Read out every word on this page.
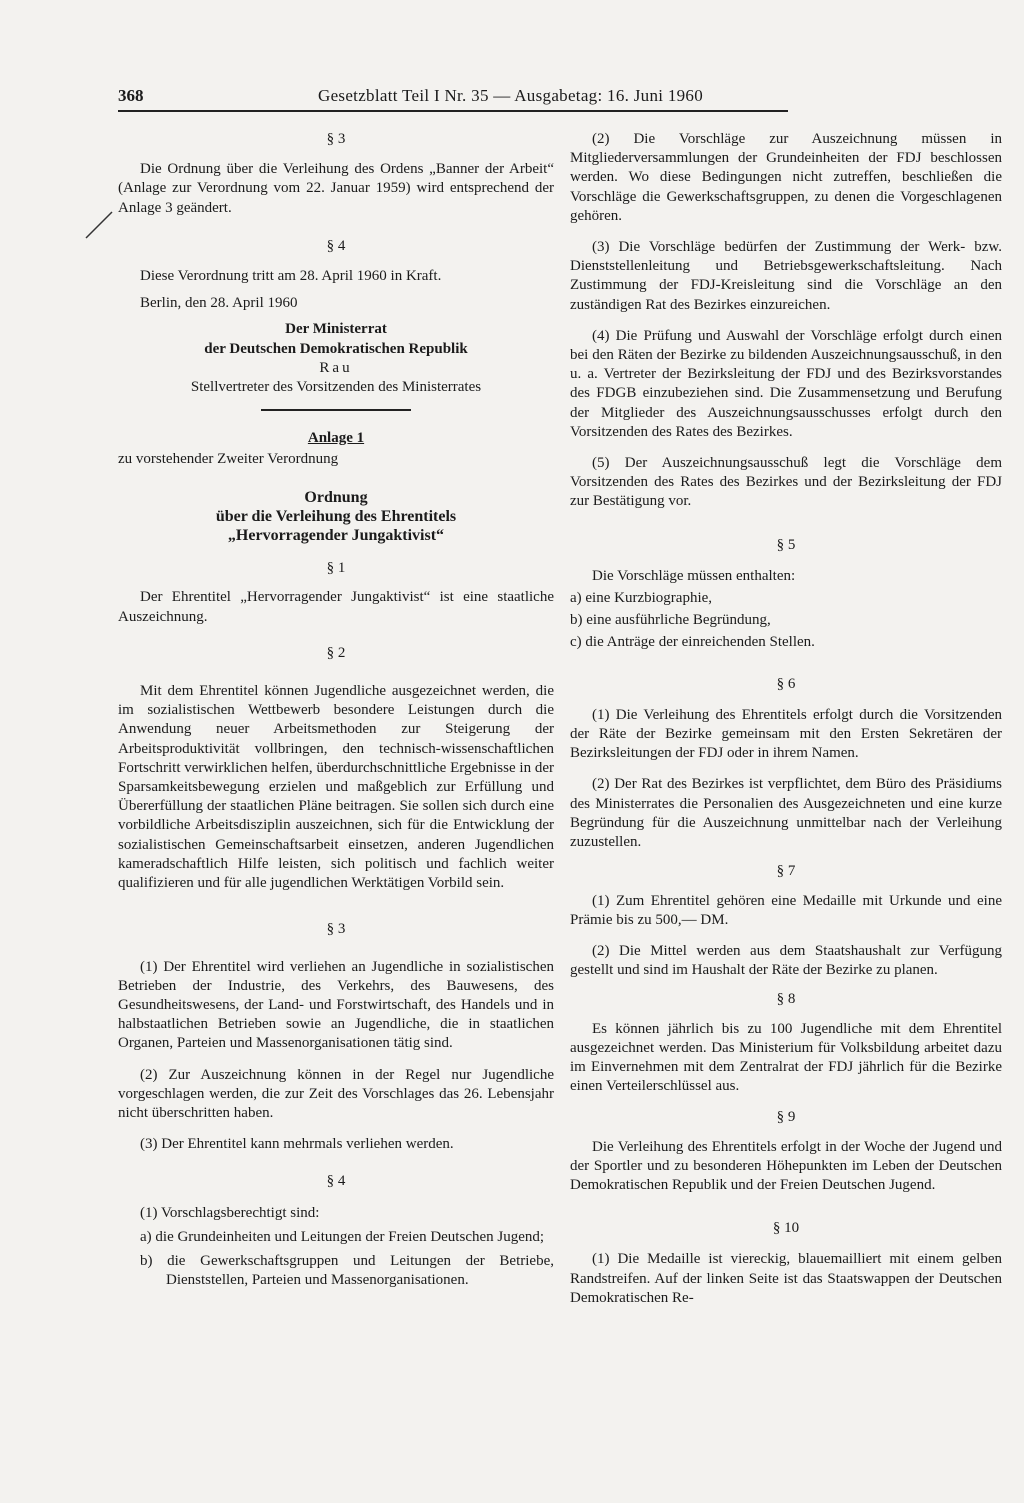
368	Gesetzblatt Teil I Nr. 35 — Ausgabetag: 16. Juni 1960

§ 3

Die Ordnung über die Verleihung des Ordens „Banner der Arbeit“ (Anlage zur Verordnung vom 22. Januar 1959) wird entsprechend der Anlage 3 geändert.

§ 4

Diese Verordnung tritt am 28. April 1960 in Kraft.

Berlin, den 28. April 1960

Der Ministerrat

der Deutschen Demokratischen Republik

Rau

Stellvertreter des Vorsitzenden des Ministerrates

Anlage 1

zu vorstehender Zweiter Verordnung

Ordnung

über die Verleihung des Ehrentitels

„Hervorragender Jungaktivist“

§ 1

Der Ehrentitel „Hervorragender Jungaktivist“ ist eine staatliche Auszeichnung.

§ 2

Mit dem Ehrentitel können Jugendliche ausgezeichnet werden, die im sozialistischen Wettbewerb besondere Leistungen durch die Anwendung neuer Arbeitsmethoden zur Steigerung der Arbeitsproduktivität vollbringen, den technisch-wissenschaftlichen Fortschritt verwirklichen helfen, überdurchschnittliche Ergebnisse in der Sparsamkeitsbewegung erzielen und maßgeblich zur Erfüllung und Übererfüllung der staatlichen Pläne beitragen. Sie sollen sich durch eine vorbildliche Arbeitsdisziplin auszeichnen, sich für die Entwicklung der sozialistischen Gemeinschaftsarbeit einsetzen, anderen Jugendlichen kameradschaftlich Hilfe leisten, sich politisch und fachlich weiter qualifizieren und für alle jugendlichen Werktätigen Vorbild sein.

§ 3

(1) Der Ehrentitel wird verliehen an Jugendliche in sozialistischen Betrieben der Industrie, des Verkehrs, des Bauwesens, des Gesundheitswesens, der Land- und Forstwirtschaft, des Handels und in halbstaatlichen Betrieben sowie an Jugendliche, die in staatlichen Organen, Parteien und Massenorganisationen tätig sind.

(2) Zur Auszeichnung können in der Regel nur Jugendliche vorgeschlagen werden, die zur Zeit des Vorschlages das 26. Lebensjahr nicht überschritten haben.

(3) Der Ehrentitel kann mehrmals verliehen werden.

§ 4

(1) Vorschlagsberechtigt sind:

a) die Grundeinheiten und Leitungen der Freien Deutschen Jugend;

b) die Gewerkschaftsgruppen und Leitungen der Betriebe, Dienststellen, Parteien und Massenorganisationen.

(2) Die Vorschläge zur Auszeichnung müssen in Mitgliederversammlungen der Grundeinheiten der FDJ beschlossen werden. Wo diese Bedingungen nicht zutreffen, beschließen die Vorschläge die Gewerkschaftsgruppen, zu denen die Vorgeschlagenen gehören.

(3) Die Vorschläge bedürfen der Zustimmung der Werk- bzw. Dienststellenleitung und Betriebsgewerkschaftsleitung. Nach Zustimmung der FDJ-Kreisleitung sind die Vorschläge an den zuständigen Rat des Bezirkes einzureichen.

(4) Die Prüfung und Auswahl der Vorschläge erfolgt durch einen bei den Räten der Bezirke zu bildenden Auszeichnungsausschuß, in den u. a. Vertreter der Bezirksleitung der FDJ und des Bezirksvorstandes des FDGB einzubeziehen sind. Die Zusammensetzung und Berufung der Mitglieder des Auszeichnungsausschusses erfolgt durch den Vorsitzenden des Rates des Bezirkes.

(5) Der Auszeichnungsausschuß legt die Vorschläge dem Vorsitzenden des Rates des Bezirkes und der Bezirksleitung der FDJ zur Bestätigung vor.

§ 5

Die Vorschläge müssen enthalten:

a) eine Kurzbiographie,

b) eine ausführliche Begründung,

c) die Anträge der einreichenden Stellen.

§ 6

(1) Die Verleihung des Ehrentitels erfolgt durch die Vorsitzenden der Räte der Bezirke gemeinsam mit den Ersten Sekretären der Bezirksleitungen der FDJ oder in ihrem Namen.

(2) Der Rat des Bezirkes ist verpflichtet, dem Büro des Präsidiums des Ministerrates die Personalien des Ausgezeichneten und eine kurze Begründung für die Auszeichnung unmittelbar nach der Verleihung zuzustellen.

§ 7

(1) Zum Ehrentitel gehören eine Medaille mit Urkunde und eine Prämie bis zu 500,— DM.

(2) Die Mittel werden aus dem Staatshaushalt zur Verfügung gestellt und sind im Haushalt der Räte der Bezirke zu planen.

§ 8

Es können jährlich bis zu 100 Jugendliche mit dem Ehrentitel ausgezeichnet werden. Das Ministerium für Volksbildung arbeitet dazu im Einvernehmen mit dem Zentralrat der FDJ jährlich für die Bezirke einen Verteilerschlüssel aus.

§ 9

Die Verleihung des Ehrentitels erfolgt in der Woche der Jugend und der Sportler und zu besonderen Höhepunkten im Leben der Deutschen Demokratischen Republik und der Freien Deutschen Jugend.

§ 10

(1) Die Medaille ist viereckig, blauemailliert mit einem gelben Randstreifen. Auf der linken Seite ist das Staatswappen der Deutschen Demokratischen Re-
